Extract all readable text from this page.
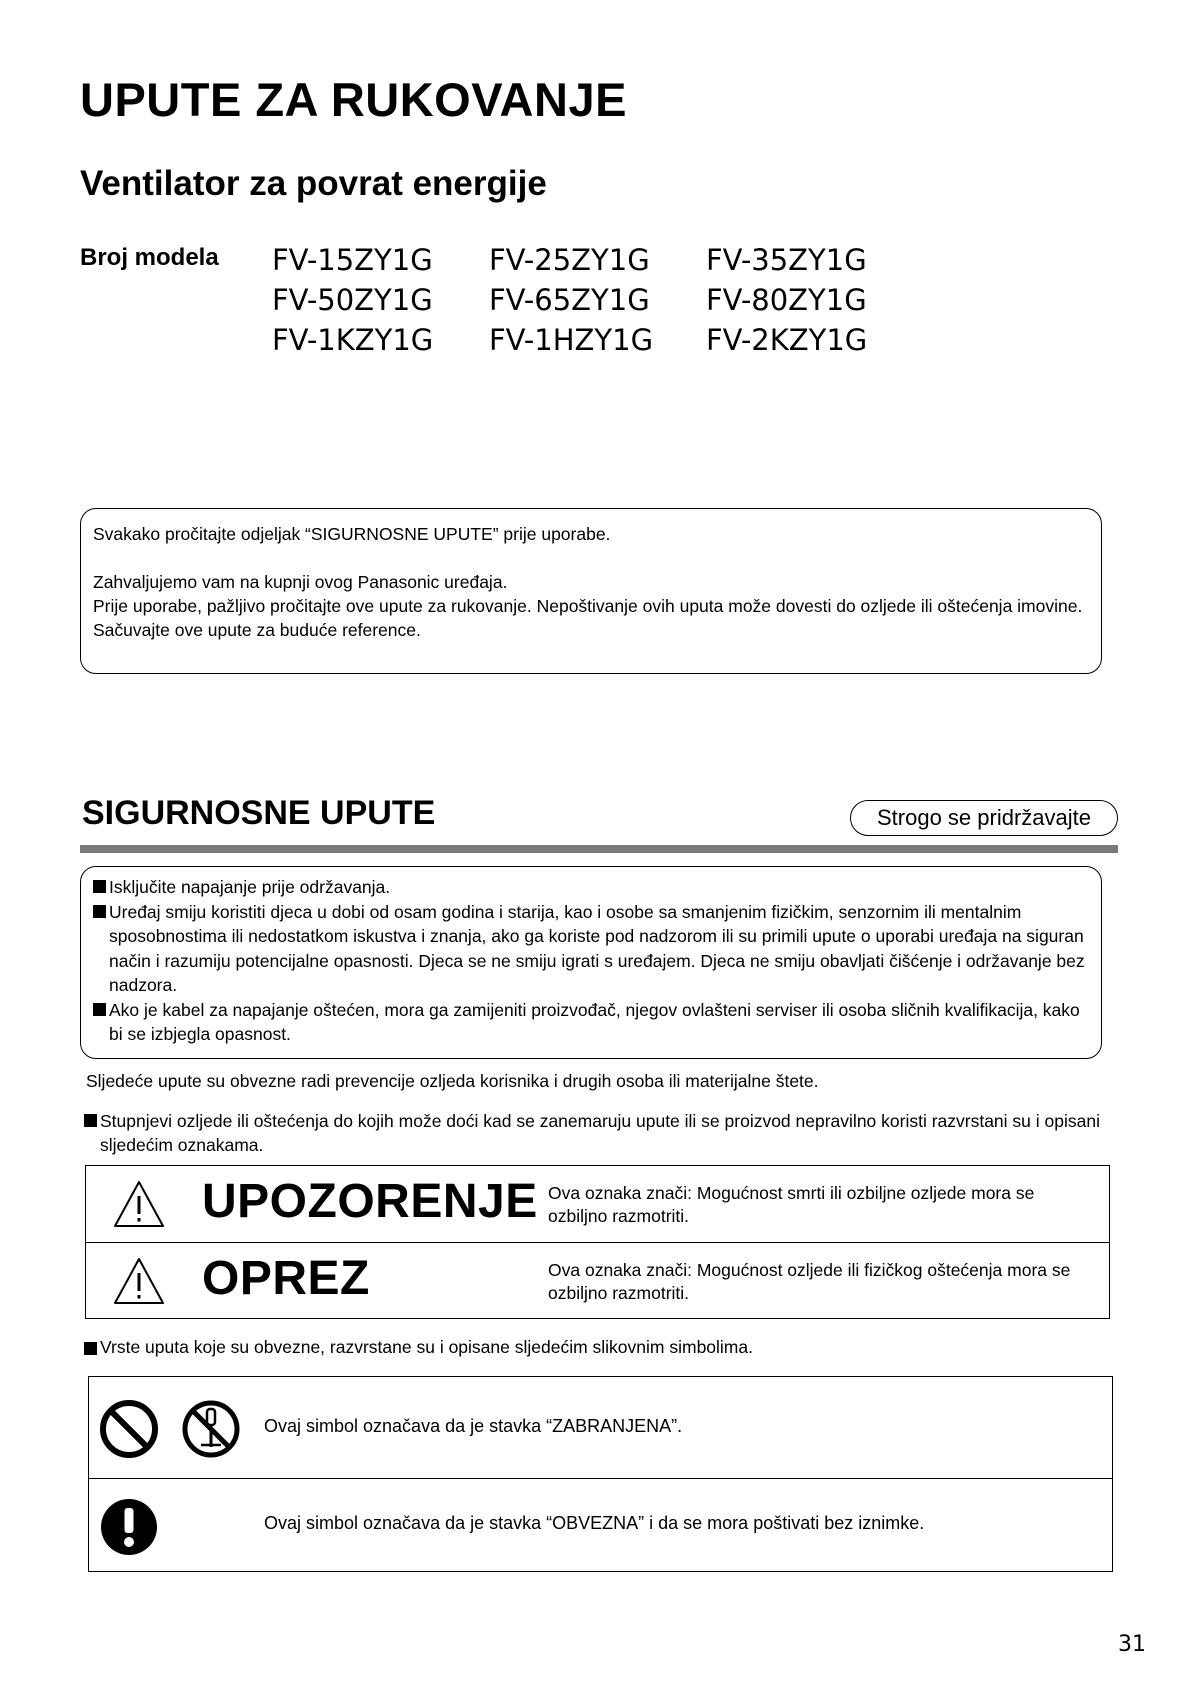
UPUTE ZA RUKOVANJE
Ventilator za povrat energije
Broj modela FV-15ZY1G	FV-25ZY1G	FV-35ZY1G
FV-50ZY1G	FV-65ZY1G	FV-80ZY1G
FV-1KZY1G	FV-1HZY1G	FV-2KZY1G

Svakako pročitajte odjeljak “SIGURNOSNE UPUTE” prije uporabe.

Zahvaljujemo vam na kupnji ovog Panasonic uređaja.

Prije uporabe, pažljivo pročitajte ove upute za rukovanje. Nepoštivanje ovih uputa može dovesti do ozljede ili oštećenja imovine.

Sačuvajte ove upute za buduće reference.

SIGURNOSNE UPUTE	Strogo se pridržavajte
Isključite napajanje prije održavanja.
Uređaj smiju koristiti djeca u dobi od osam godina i starija, kao i osobe sa smanjenim fizičkim, senzornim ili mentalnim sposobnostima ili nedostatkom iskustva i znanja, ako ga koriste pod nadzorom ili su primili upute o uporabi uređaja na siguran način i razumiju potencijalne opasnosti. Djeca se ne smiju igrati s uređajem. Djeca ne smiju obavljati čišćenje i održavanje bez nadzora.
Ako je kabel za napajanje oštećen, mora ga zamijeniti proizvođač, njegov ovlašteni serviser ili osoba sličnih kvalifikacija, kako bi se izbjegla opasnost.
Sljedeće upute su obvezne radi prevencije ozljeda korisnika i drugih osoba ili materijalne štete.
Stupnjevi ozljede ili oštećenja do kojih može doći kad se zanemaruju upute ili se proizvod nepravilno koristi razvrstani su i opisani sljedećim oznakama.
UPOZORENJE Ova oznaka znači: Mogućnost smrti ili ozbiljne ozljede mora se ozbiljno razmotriti.
OPREZ	Ova oznaka znači: Mogućnost ozljede ili fizičkog oštećenja mora se ozbiljno razmotriti.
Vrste uputa koje su obvezne, razvrstane su i opisane sljedećim slikovnim simbolima.
Ovaj simbol označava da je stavka “ZABRANJENA”.
Ovaj simbol označava da je stavka “OBVEZNA” i da se mora poštivati bez iznimke.
31
